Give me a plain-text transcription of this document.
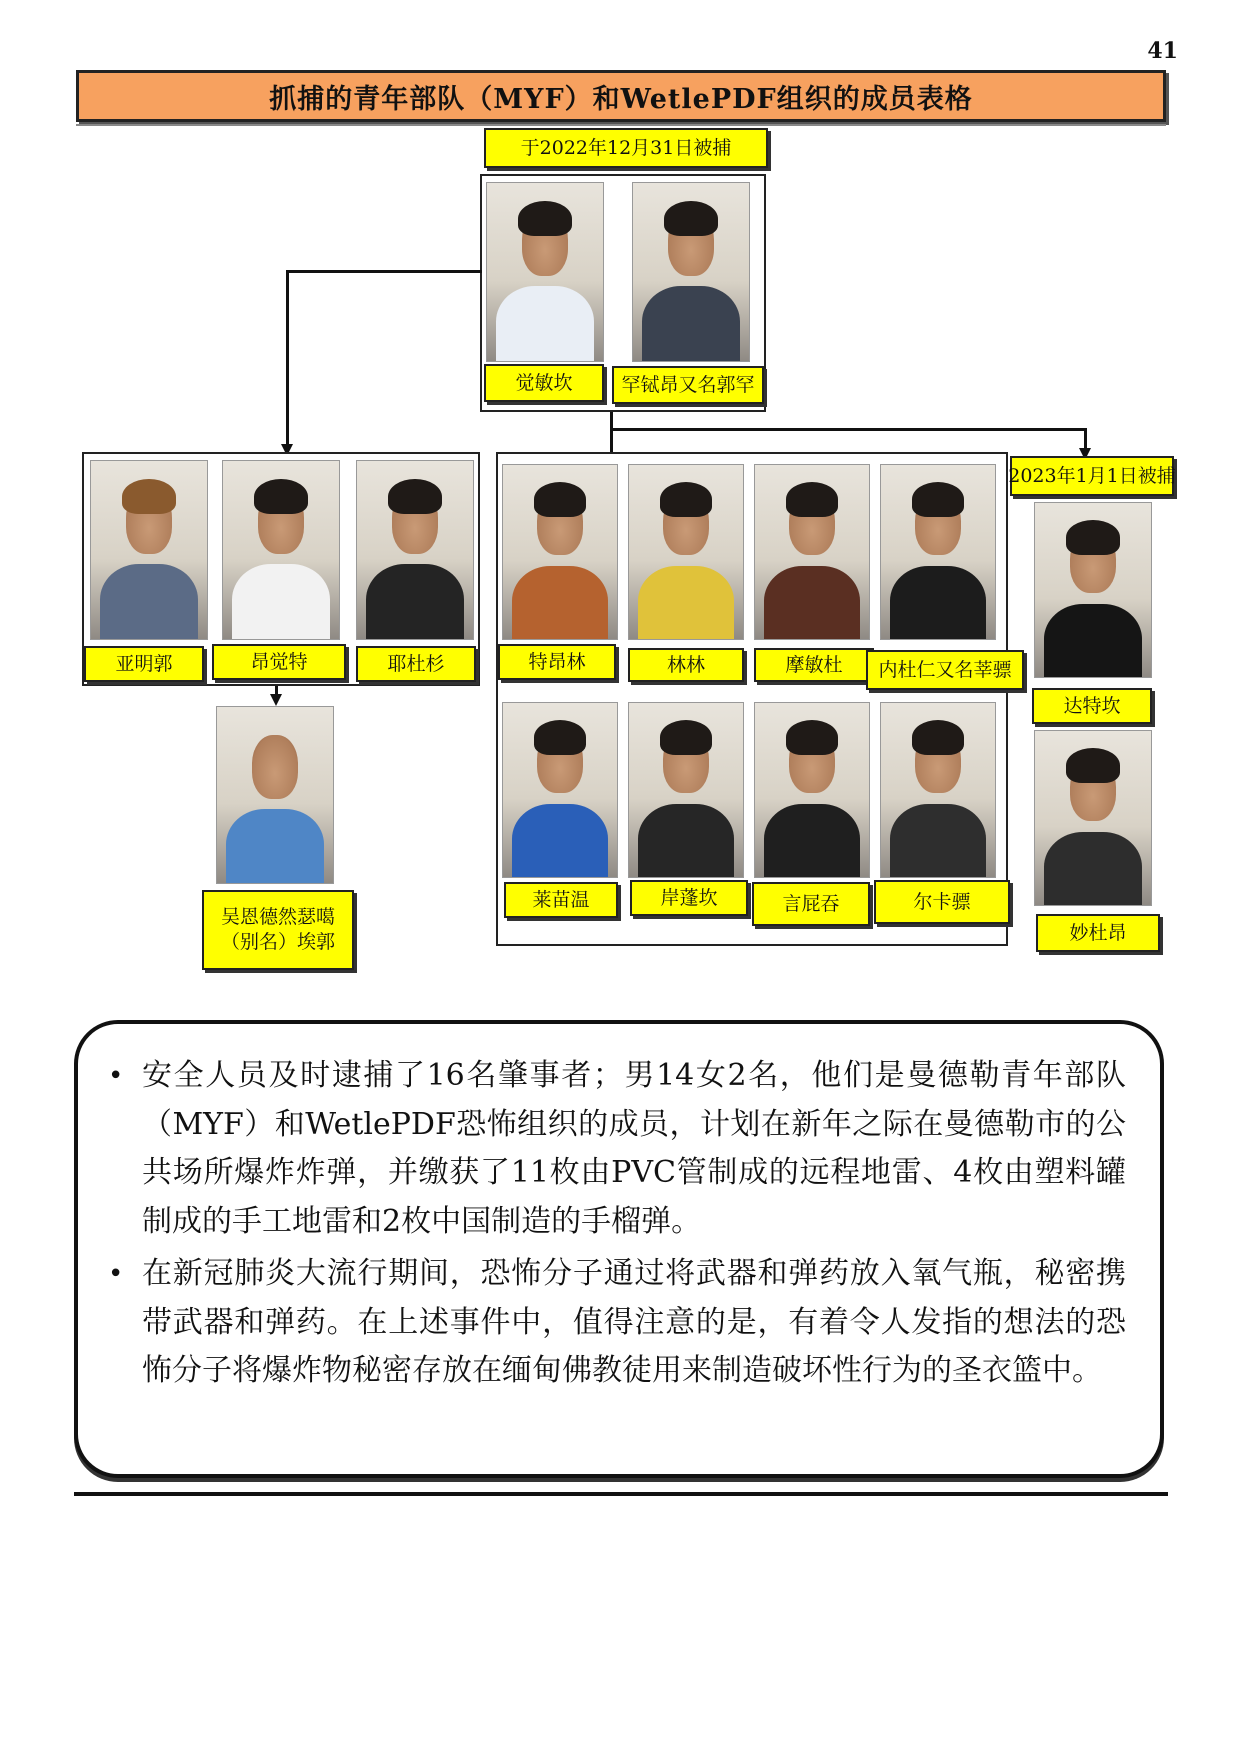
41
抓捕的青年部队（MYF）和WetlePDF组织的成员表格
于2022年12月31日被捕
觉敏坎	罕铽昂又名郭罕
亚明郭	昂觉特	耶杜杉
吴恩德然瑟噶
（别名）埃郭
特昂林	林林	摩敏杜	内杜仁又名莘骠
莱苗温	岸蓬坎	言屁吞	尔卡骠
2023年1月1日被捕
达特坎
妙杜昂
• 安全人员及时逮捕了16名肇事者；男14女2名，他们是曼德勒青年部队（MYF）和WetlePDF恐怖组织的成员，计划在新年之际在曼德勒市的公共场所爆炸炸弹，并缴获了11枚由PVC管制成的远程地雷、4枚由塑料罐制成的手工地雷和2枚中国制造的手榴弹。
• 在新冠肺炎大流行期间，恐怖分子通过将武器和弹药放入氧气瓶，秘密携带武器和弹药。在上述事件中，值得注意的是，有着令人发指的想法的恐怖分子将爆炸物秘密存放在缅甸佛教徒用来制造破坏性行为的圣衣篮中。
